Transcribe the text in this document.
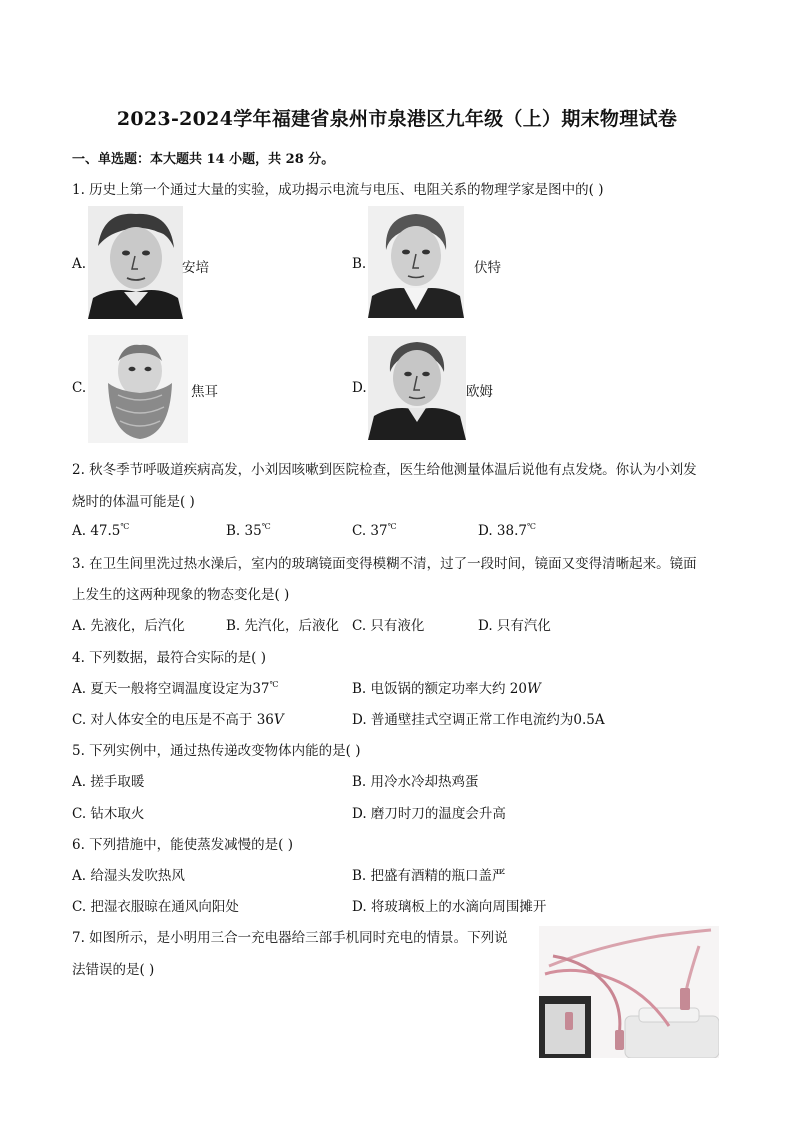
2023-2024学年福建省泉州市泉港区九年级（上）期末物理试卷
一、单选题：本大题共 14 小题，共 28 分。
1. 历史上第一个通过大量的实验，成功揭示电流与电压、电阻关系的物理学家是图中的( )
A.	安培	B.	伏特
C.	焦耳	D.	欧姆
2. 秋冬季节呼吸道疾病高发，小刘因咳嗽到医院检查，医生给他测量体温后说他有点发烧。你认为小刘发
烧时的体温可能是( )
A. 47.5℃	B. 35℃	C. 37℃	D. 38.7℃
3. 在卫生间里洗过热水澡后，室内的玻璃镜面变得模糊不清，过了一段时间，镜面又变得清晰起来。镜面
上发生的这两种现象的物态变化是( )
A. 先液化，后汽化	B. 先汽化，后液化 C. 只有液化	D. 只有汽化
4. 下列数据，最符合实际的是( )
A. 夏天一般将空调温度设定为37℃	B. 电饭锅的额定功率大约 20W
C. 对人体安全的电压是不高于 36V	D. 普通壁挂式空调正常工作电流约为0.5A
5. 下列实例中，通过热传递改变物体内能的是( )
A. 搓手取暖	B. 用冷水冷却热鸡蛋
C. 钻木取火	D. 磨刀时刀的温度会升高
6. 下列措施中，能使蒸发减慢的是( )
A. 给湿头发吹热风	B. 把盛有酒精的瓶口盖严
C. 把湿衣服晾在通风向阳处	D. 将玻璃板上的水滴向周围摊开
7. 如图所示，是小明用三合一充电器给三部手机同时充电的情景。下列说
法错误的是( )
